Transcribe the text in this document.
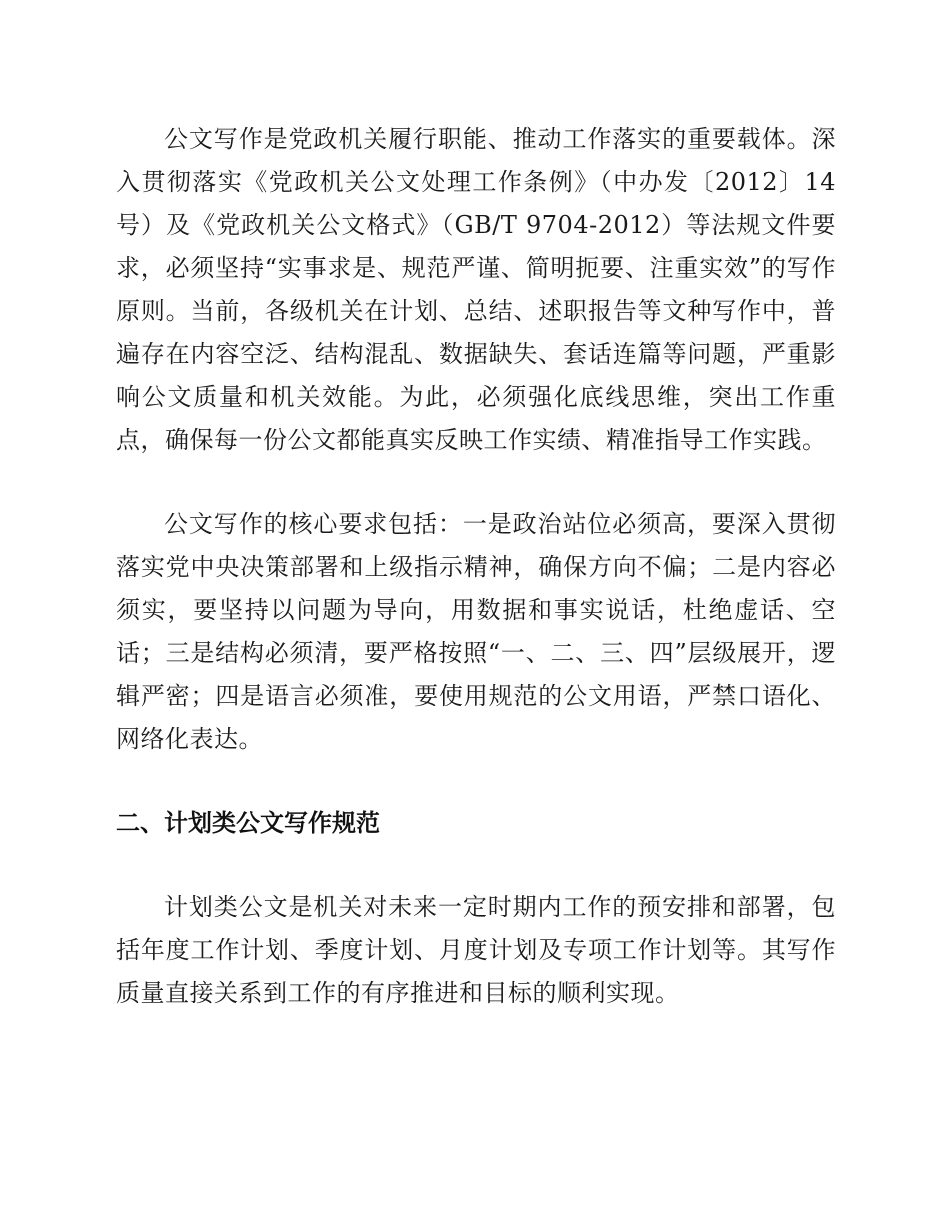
公文写作是党政机关履行职能、推动工作落实的重要载体。深入贯彻落实《党政机关公文处理工作条例》（中办发〔2012〕14号）及《党政机关公文格式》（GB/T 9704-2012）等法规文件要求，必须坚持“实事求是、规范严谨、简明扼要、注重实效”的写作原则。当前，各级机关在计划、总结、述职报告等文种写作中，普遍存在内容空泛、结构混乱、数据缺失、套话连篇等问题，严重影响公文质量和机关效能。为此，必须强化底线思维，突出工作重点，确保每一份公文都能真实反映工作实绩、精准指导工作实践。

公文写作的核心要求包括：一是政治站位必须高，要深入贯彻落实党中央决策部署和上级指示精神，确保方向不偏；二是内容必须实，要坚持以问题为导向，用数据和事实说话，杜绝虚话、空话；三是结构必须清，要严格按照“一、二、三、四”层级展开，逻辑严密；四是语言必须准，要使用规范的公文用语，严禁口语化、网络化表达。

二、计划类公文写作规范

计划类公文是机关对未来一定时期内工作的预安排和部署，包括年度工作计划、季度计划、月度计划及专项工作计划等。其写作质量直接关系到工作的有序推进和目标的顺利实现。
